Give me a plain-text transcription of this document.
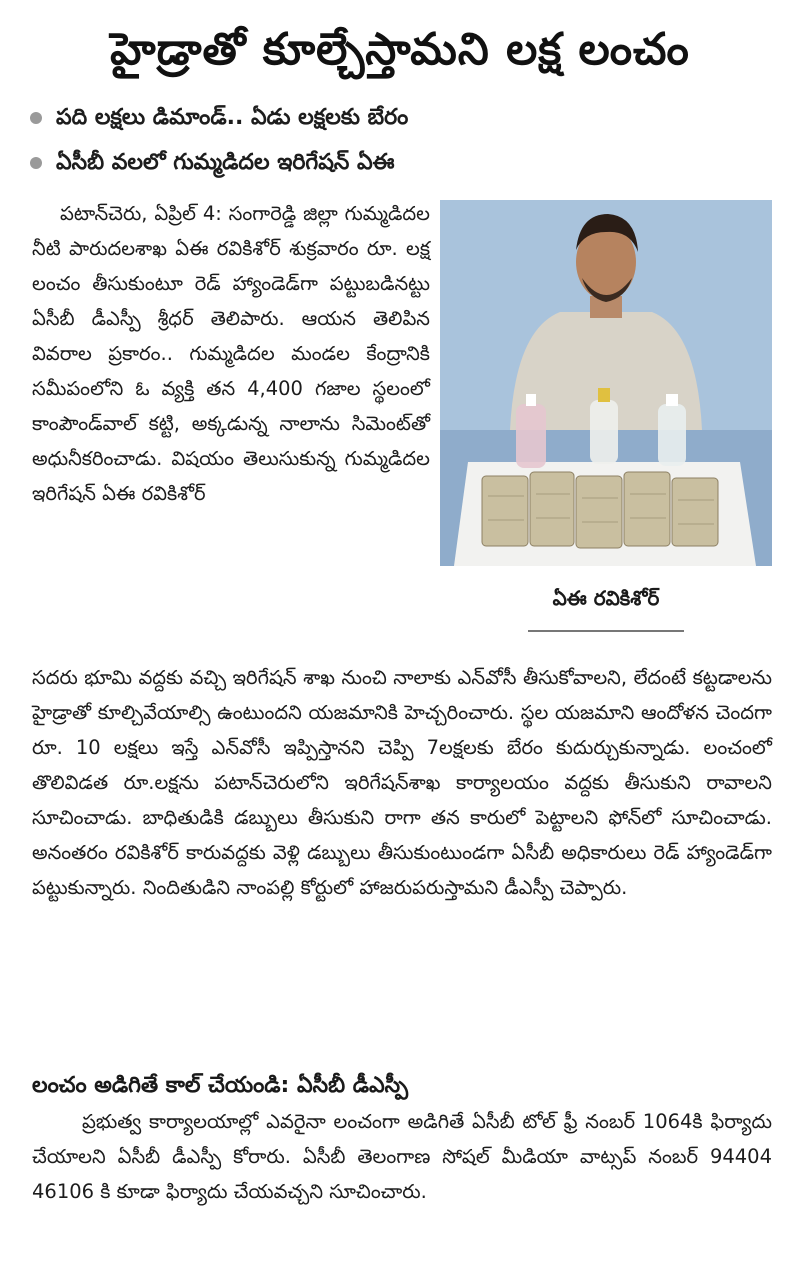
హైడ్రాతో కూల్చేస్తామని లక్ష లంచం
పది లక్షలు డిమాండ్.. ఏడు లక్షలకు బేరం
ఏసీబీ వలలో గుమ్మడిదల ఇరిగేషన్ ఏఈ

పటాన్‌చెరు, ఏప్రిల్ 4: సంగారెడ్డి జిల్లా గుమ్మడిదల నీటి పారుదలశాఖ ఏఈ రవికిశోర్ శుక్రవారం రూ. లక్ష లంచం తీసుకుంటూ రెడ్ హ్యాండెడ్‌గా పట్టుబడినట్టు ఏసీబీ డీఎస్పీ శ్రీధర్ తెలిపారు. ఆయన తెలిపిన వివరాల ప్రకారం.. గుమ్మడిదల మండల కేంద్రానికి సమీపంలోని ఓ వ్యక్తి తన 4,400 గజాల స్థలంలో కాంపౌండ్‌వాల్ కట్టి, అక్కడున్న నాలాను సిమెంట్‌తో అధునీకరించాడు. విషయం తెలుసుకున్న గుమ్మడిదల ఇరిగేషన్ ఏఈ రవికిశోర్

ఏఈ రవికిశోర్

సదరు భూమి వద్దకు వచ్చి ఇరిగేషన్ శాఖ నుంచి నాలాకు ఎన్‌వోసీ తీసుకోవాలని, లేదంటే కట్టడాలను హైడ్రాతో కూల్చివేయాల్సి ఉంటుందని యజమానికి హెచ్చరించారు. స్థల యజమాని ఆందోళన చెందగా రూ. 10 లక్షలు ఇస్తే ఎన్‌వోసీ ఇప్పిస్తానని చెప్పి 7లక్షలకు బేరం కుదుర్చుకున్నాడు. లంచంలో తొలివిడత రూ.లక్షను పటాన్‌చెరులోని ఇరిగేషన్‌శాఖ కార్యాలయం వద్దకు తీసుకుని రావాలని సూచించాడు. బాధితుడికి డబ్బులు తీసుకుని రాగా తన కారులో పెట్టాలని ఫోన్‌లో సూచించాడు. అనంతరం రవికిశోర్ కారువద్దకు వెళ్లి డబ్బులు తీసుకుంటుండగా ఏసీబీ అధికారులు రెడ్ హ్యాండెడ్‌గా పట్టుకున్నారు. నిందితుడిని నాంపల్లి కోర్టులో హాజరుపరుస్తామని డీఎస్పీ చెప్పారు.

లంచం అడిగితే కాల్ చేయండి: ఏసీబీ డీఎస్పీ

ప్రభుత్వ కార్యాలయాల్లో ఎవరైనా లంచంగా అడిగితే ఏసీబీ టోల్ ఫ్రీ నంబర్ 1064కి ఫిర్యాదు చేయాలని ఏసీబీ డీఎస్పీ కోరారు. ఏసీబీ తెలంగాణ సోషల్ మీడియా వాట్సప్ నంబర్ 94404 46106 కి కూడా ఫిర్యాదు చేయవచ్చని సూచించారు.
